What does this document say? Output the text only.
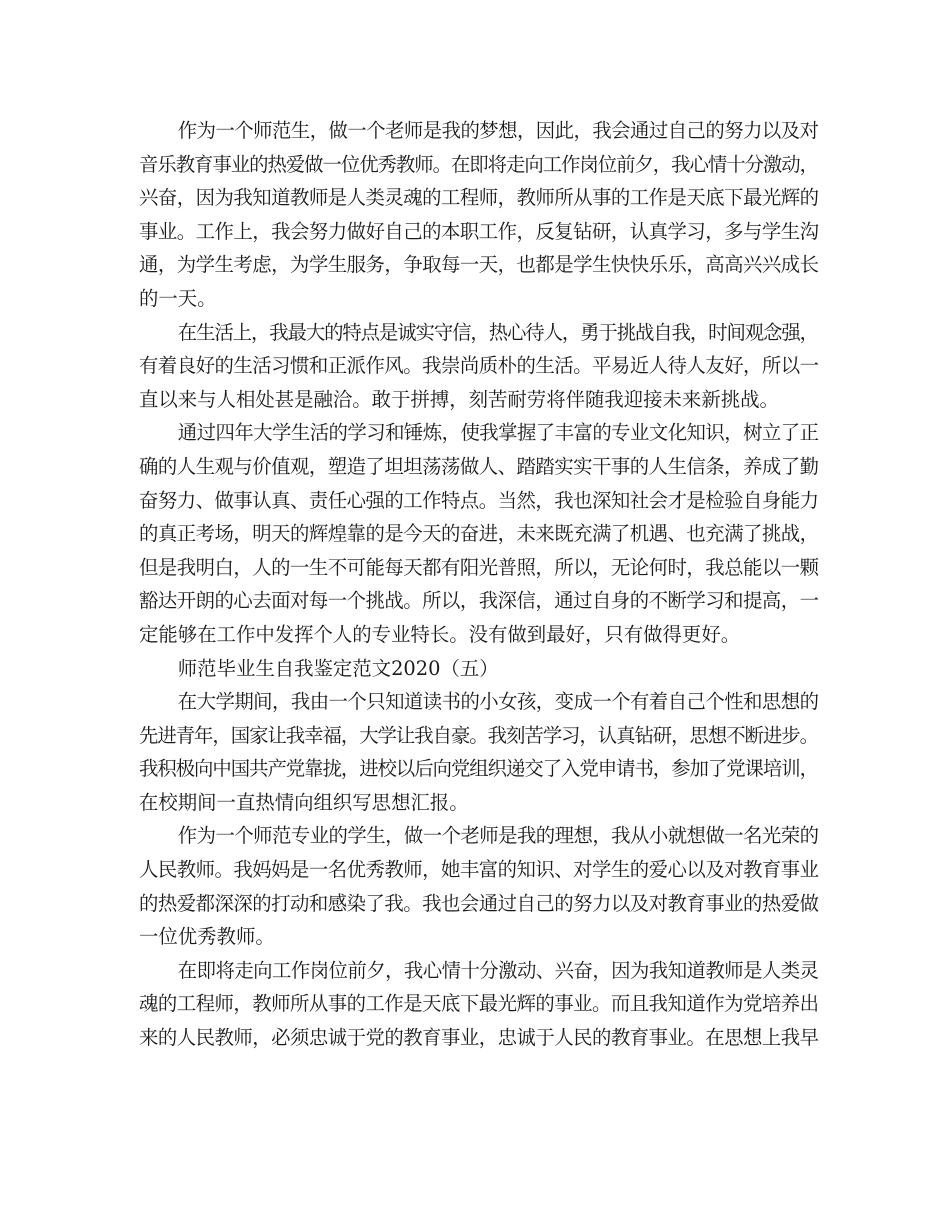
作为一个师范生，做一个老师是我的梦想，因此，我会通过自己的努力以及对

音乐教育事业的热爱做一位优秀教师。在即将走向工作岗位前夕，我心情十分激动，

兴奋，因为我知道教师是人类灵魂的工程师，教师所从事的工作是天底下最光辉的

事业。工作上，我会努力做好自己的本职工作，反复钻研，认真学习，多与学生沟

通，为学生考虑，为学生服务，争取每一天，也都是学生快快乐乐，高高兴兴成长

的一天。

在生活上，我最大的特点是诚实守信，热心待人，勇于挑战自我，时间观念强，

有着良好的生活习惯和正派作风。我崇尚质朴的生活。平易近人待人友好，所以一

直以来与人相处甚是融洽。敢于拼搏，刻苦耐劳将伴随我迎接未来新挑战。

通过四年大学生活的学习和锤炼，使我掌握了丰富的专业文化知识，树立了正

确的人生观与价值观，塑造了坦坦荡荡做人、踏踏实实干事的人生信条，养成了勤

奋努力、做事认真、责任心强的工作特点。当然，我也深知社会才是检验自身能力

的真正考场，明天的辉煌靠的是今天的奋进，未来既充满了机遇、也充满了挑战，

但是我明白，人的一生不可能每天都有阳光普照，所以，无论何时，我总能以一颗

豁达开朗的心去面对每一个挑战。所以，我深信，通过自身的不断学习和提高，一

定能够在工作中发挥个人的专业特长。没有做到最好，只有做得更好。

师范毕业生自我鉴定范文2020（五）

在大学期间，我由一个只知道读书的小女孩，变成一个有着自己个性和思想的

先进青年，国家让我幸福，大学让我自豪。我刻苦学习，认真钻研，思想不断进步。

我积极向中国共产党靠拢，进校以后向党组织递交了入党申请书，参加了党课培训，

在校期间一直热情向组织写思想汇报。

作为一个师范专业的学生，做一个老师是我的理想，我从小就想做一名光荣的

人民教师。我妈妈是一名优秀教师，她丰富的知识、对学生的爱心以及对教育事业

的热爱都深深的打动和感染了我。我也会通过自己的努力以及对教育事业的热爱做

一位优秀教师。

在即将走向工作岗位前夕，我心情十分激动、兴奋，因为我知道教师是人类灵

魂的工程师，教师所从事的工作是天底下最光辉的事业。而且我知道作为党培养出

来的人民教师，必须忠诚于党的教育事业，忠诚于人民的教育事业。在思想上我早
